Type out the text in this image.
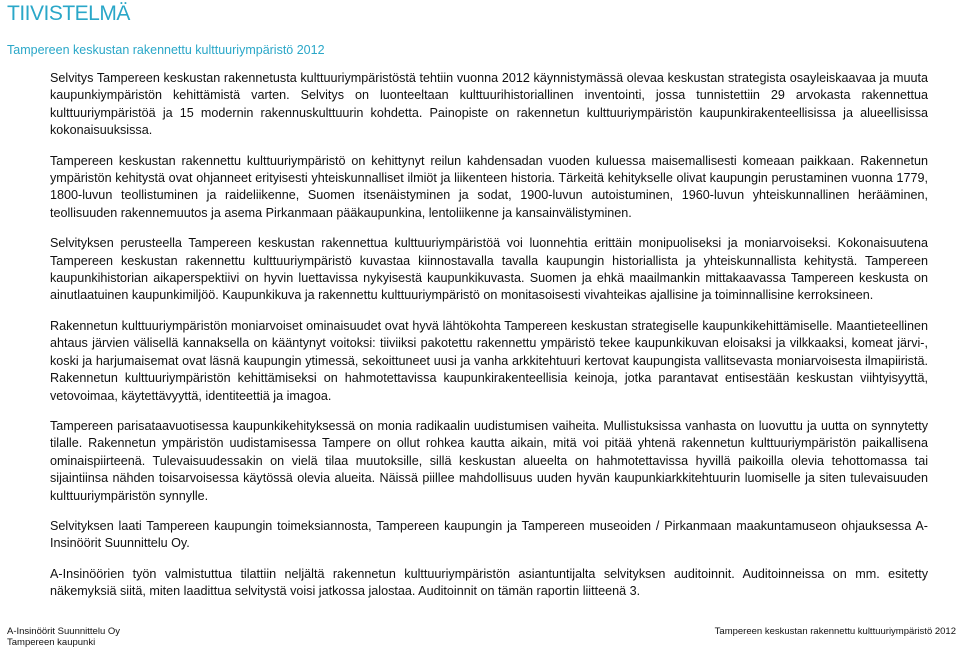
TIIVISTELMÄ
Tampereen keskustan rakennettu kulttuuriympäristö 2012

Selvitys Tampereen keskustan rakennetusta kulttuuriympäristöstä tehtiin vuonna 2012 käynnistymässä olevaa keskustan strategista osayleiskaavaa ja muuta kaupunkiympäristön kehittämistä varten. Selvitys on luonteeltaan kulttuurihistoriallinen inventointi, jossa tunnistettiin 29 arvokasta rakennettua kulttuuriympäristöä ja 15 modernin rakennuskulttuurin kohdetta. Painopiste on rakennetun kulttuuriympäristön kaupunkirakenteellisissa ja alueellisissa kokonaisuuksissa.

Tampereen keskustan rakennettu kulttuuriympäristö on kehittynyt reilun kahdensadan vuoden kuluessa maisemallisesti komeaan paikkaan. Rakennetun ympäristön kehitystä ovat ohjanneet erityisesti yhteiskunnalliset ilmiöt ja liikenteen historia. Tärkeitä kehitykselle olivat kaupungin perustaminen vuonna 1779, 1800-luvun teollistuminen ja raideliikenne, Suomen itsenäistyminen ja sodat, 1900-luvun autoistuminen, 1960-luvun yhteiskunnallinen herääminen, teollisuuden rakennemuutos ja asema Pirkanmaan pääkaupunkina, lentoliikenne ja kansainvälistyminen.

Selvityksen perusteella Tampereen keskustan rakennettua kulttuuriympäristöä voi luonnehtia erittäin monipuoliseksi ja moniarvoiseksi. Kokonaisuutena Tampereen keskustan rakennettu kulttuuriympäristö kuvastaa kiinnostavalla tavalla kaupungin historiallista ja yhteiskunnallista kehitystä. Tampereen kaupunkihistorian aikaperspektiivi on hyvin luettavissa nykyisestä kaupunkikuvasta. Suomen ja ehkä maailmankin mittakaavassa Tampereen keskusta on ainutlaatuinen kaupunkimiljöö. Kaupunkikuva ja rakennettu kulttuuriympäristö on monitasoisesti vivahteikas ajallisine ja toiminnallisine kerroksineen.

Rakennetun kulttuuriympäristön moniarvoiset ominaisuudet ovat hyvä lähtökohta Tampereen keskustan strategiselle kaupunkikehittämiselle. Maantieteellinen ahtaus järvien välisellä kannaksella on kääntynyt voitoksi: tiiviiksi pakotettu rakennettu ympäristö tekee kaupunkikuvan eloisaksi ja vilkkaaksi, komeat järvi-, koski ja harjumaisemat ovat läsnä kaupungin ytimessä, sekoittuneet uusi ja vanha arkkitehtuuri kertovat kaupungista vallitsevasta moniarvoisesta ilmapiiristä. Rakennetun kulttuuriympäristön kehittämiseksi on hahmotettavissa kaupunkirakenteellisia keinoja, jotka parantavat entisestään keskustan viihtyisyyttä, vetovoimaa, käytettävyyttä, identiteettiä ja imagoa.

Tampereen parisataavuotisessa kaupunkikehityksessä on monia radikaalin uudistumisen vaiheita. Mullistuksissa vanhasta on luovuttu ja uutta on synnytetty tilalle. Rakennetun ympäristön uudistamisessa Tampere on ollut rohkea kautta aikain, mitä voi pitää yhtenä rakennetun kulttuuriympäristön paikallisena ominaispiirteenä. Tulevaisuudessakin on vielä tilaa muutoksille, sillä keskustan alueelta on hahmotettavissa hyvillä paikoilla olevia tehottomassa tai sijaintiinsa nähden toisarvoisessa käytössä olevia alueita. Näissä piillee mahdollisuus uuden hyvän kaupunkiarkkitehtuurin luomiselle ja siten tulevaisuuden kulttuuriympäristön synnylle.

Selvityksen laati Tampereen kaupungin toimeksiannosta, Tampereen kaupungin ja Tampereen museoiden / Pirkanmaan maakuntamuseon ohjauksessa A-Insinöörit Suunnittelu Oy.

A-Insinöörien työn valmistuttua tilattiin neljältä rakennetun kulttuuriympäristön asiantuntijalta selvityksen auditoinnit. Auditoinneissa on mm. esitetty näkemyksiä siitä, miten laadittua selvitystä voisi jatkossa jalostaa. Auditoinnit on tämän raportin liitteenä 3.

A-Insinöörit Suunnittelu Oy
Tampereen kaupunki
Tampereen keskustan rakennettu kulttuuriympäristö 2012
